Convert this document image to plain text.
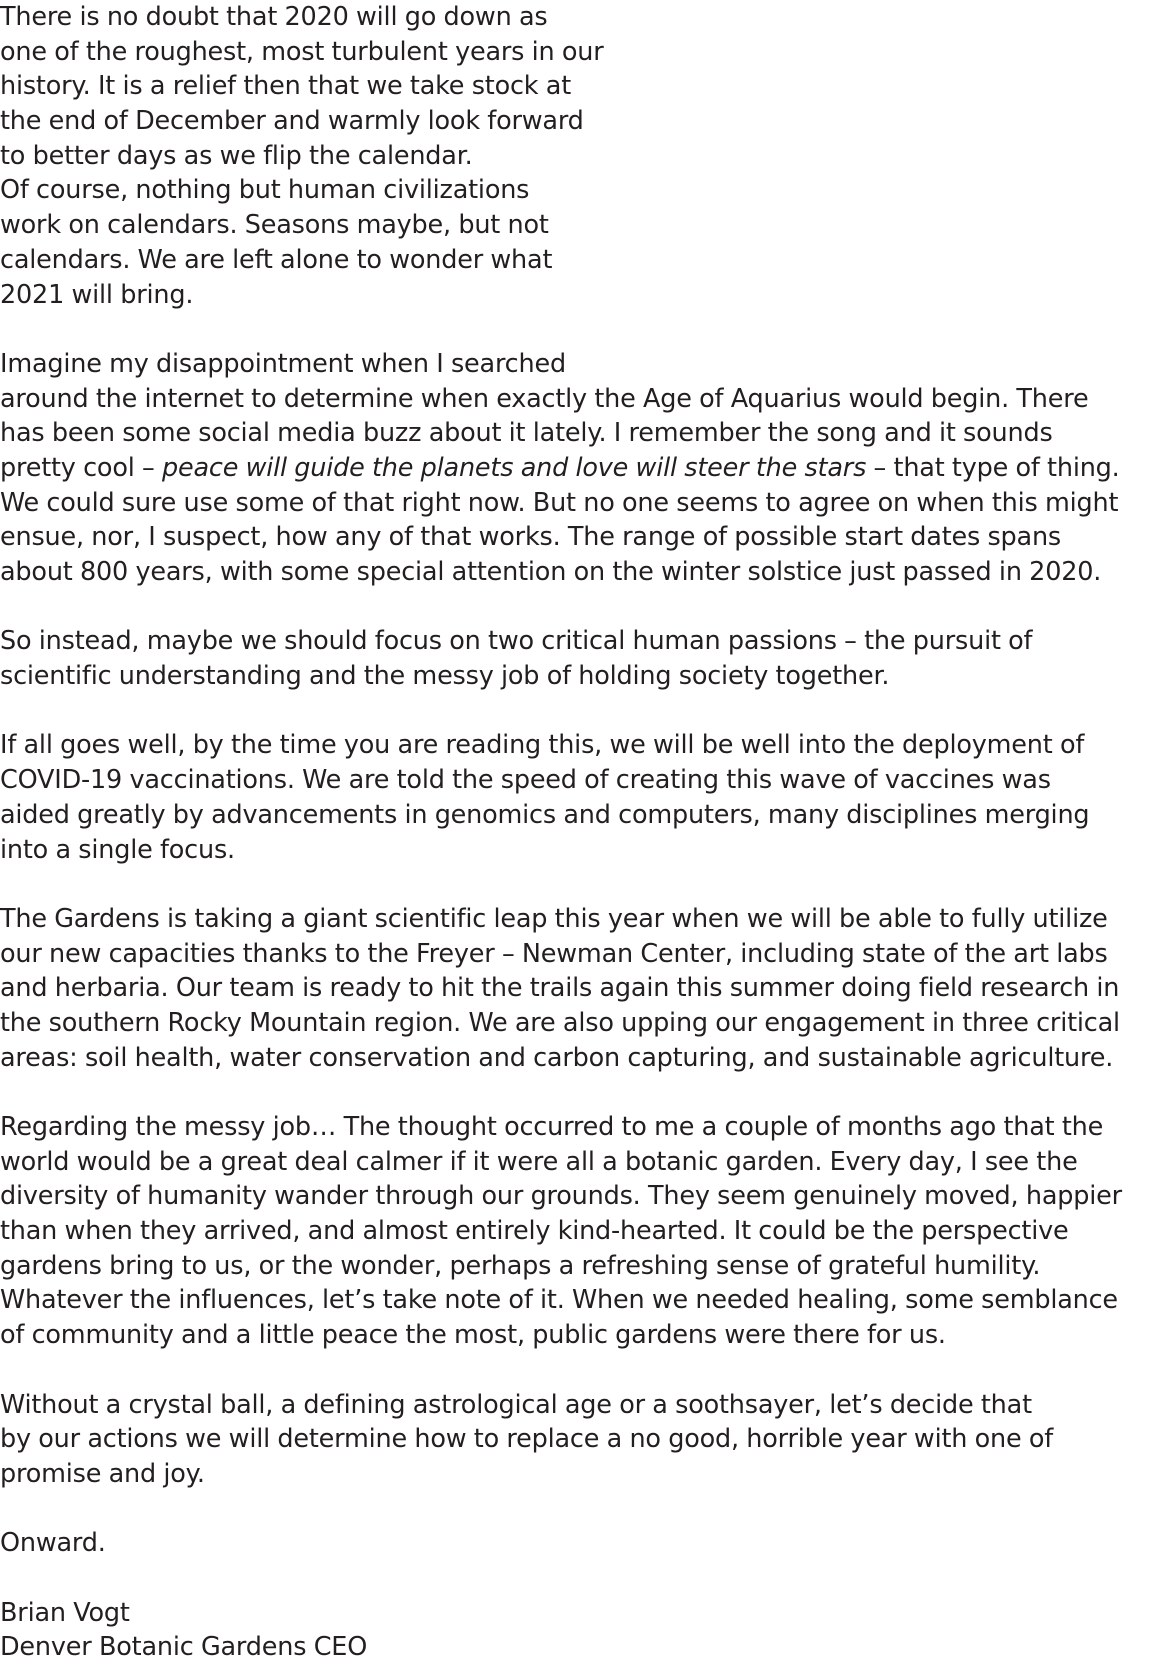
There is no doubt that 2020 will go down as
one of the roughest, most turbulent years in our
history. It is a relief then that we take stock at
the end of December and warmly look forward
to better days as we flip the calendar.
Of course, nothing but human civilizations
work on calendars. Seasons maybe, but not
calendars. We are left alone to wonder what
2021 will bring.
Imagine my disappointment when I searched
around the internet to determine when exactly the Age of Aquarius would begin. There
has been some social media buzz about it lately. I remember the song and it sounds
pretty cool – peace will guide the planets and love will steer the stars – that type of thing.
We could sure use some of that right now. But no one seems to agree on when this might
ensue, nor, I suspect, how any of that works. The range of possible start dates spans
about 800 years, with some special attention on the winter solstice just passed in 2020.
So instead, maybe we should focus on two critical human passions – the pursuit of
scientific understanding and the messy job of holding society together.
If all goes well, by the time you are reading this, we will be well into the deployment of
COVID-19 vaccinations. We are told the speed of creating this wave of vaccines was
aided greatly by advancements in genomics and computers, many disciplines merging
into a single focus.
The Gardens is taking a giant scientific leap this year when we will be able to fully utilize
our new capacities thanks to the Freyer – Newman Center, including state of the art labs
and herbaria. Our team is ready to hit the trails again this summer doing field research in
the southern Rocky Mountain region. We are also upping our engagement in three critical
areas: soil health, water conservation and carbon capturing, and sustainable agriculture.
Regarding the messy job… The thought occurred to me a couple of months ago that the
world would be a great deal calmer if it were all a botanic garden. Every day, I see the
diversity of humanity wander through our grounds. They seem genuinely moved, happier
than when they arrived, and almost entirely kind-hearted. It could be the perspective
gardens bring to us, or the wonder, perhaps a refreshing sense of grateful humility.
Whatever the influences, let’s take note of it. When we needed healing, some semblance
of community and a little peace the most, public gardens were there for us.
Without a crystal ball, a defining astrological age or a soothsayer, let’s decide that
by our actions we will determine how to replace a no good, horrible year with one of
promise and joy.
Onward.
Brian Vogt
Denver Botanic Gardens CEO
